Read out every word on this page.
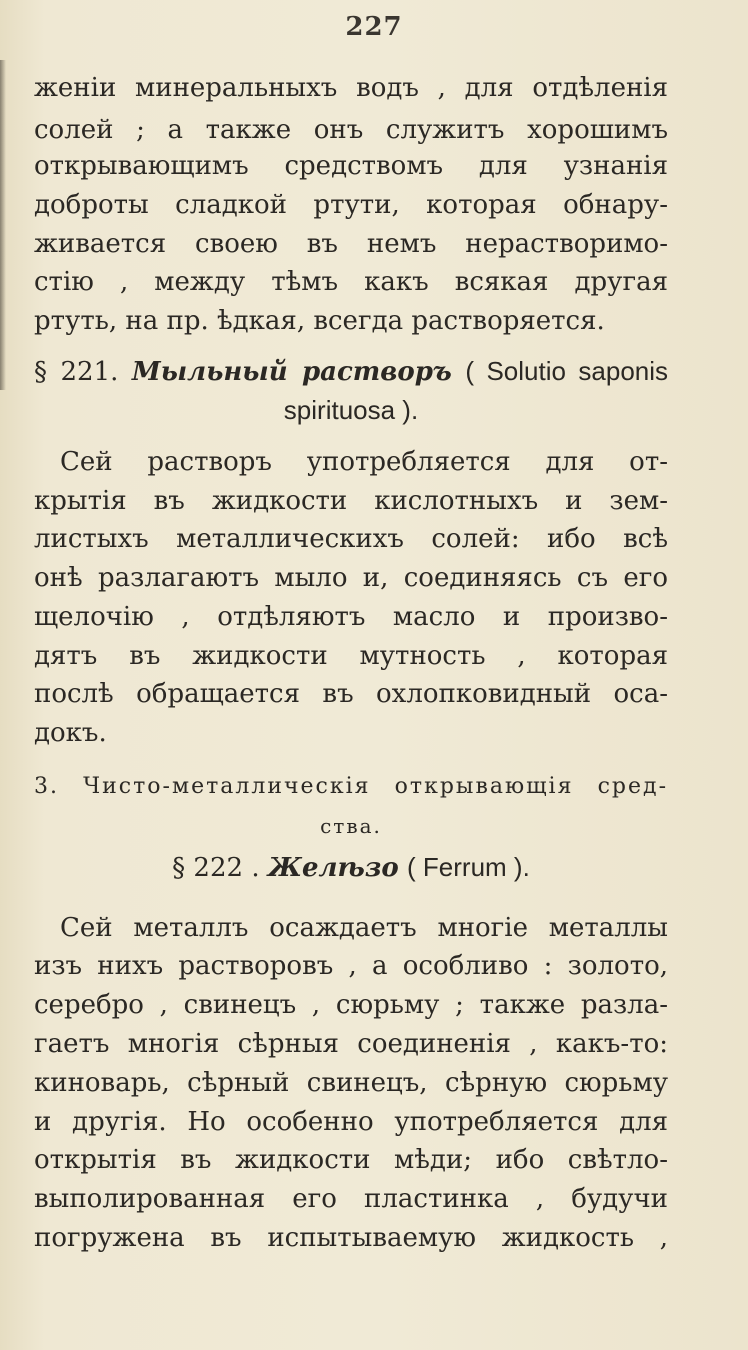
227
женіи минеральныхъ водъ , для отдѣленія
солей ; а также онъ служитъ хорошимъ
открывающимъ средствомъ для узнанія
доброты сладкой ртути, которая обнару-
живается своею въ немъ нерастворимо-
стію , между тѣмъ какъ всякая другая
ртуть, на пр. ѣдкая, всегда растворяется.
§ 221. Мыльный растворъ ( Solutio saponis
spirituosa ).
Сей растворъ употребляется для от-
крытія въ жидкости кислотныхъ и зем-
листыхъ металлическихъ солей: ибо всѣ
онѣ разлагаютъ мыло и, соединяясь съ его
щелочію , отдѣляютъ масло и произво-
дятъ въ жидкости мутность , которая
послѣ обращается въ охлопковидный оса-
докъ.
3. Чисто-металлическія открывающія сред-
ства.
§ 222 . Желѣзо ( Ferrum ).
Сей металлъ осаждаетъ многіе металлы
изъ нихъ растворовъ , а особливо : золото,
серебро , свинецъ , сюрьму ; также разла-
гаетъ многія сѣрныя соединенія , какъ-то:
киноварь, сѣрный свинецъ, сѣрную сюрьму
и другія. Но особенно употребляется для
открытія въ жидкости мѣди; ибо свѣтло-
выполированная его пластинка , будучи
погружена въ испытываемую жидкость ,
